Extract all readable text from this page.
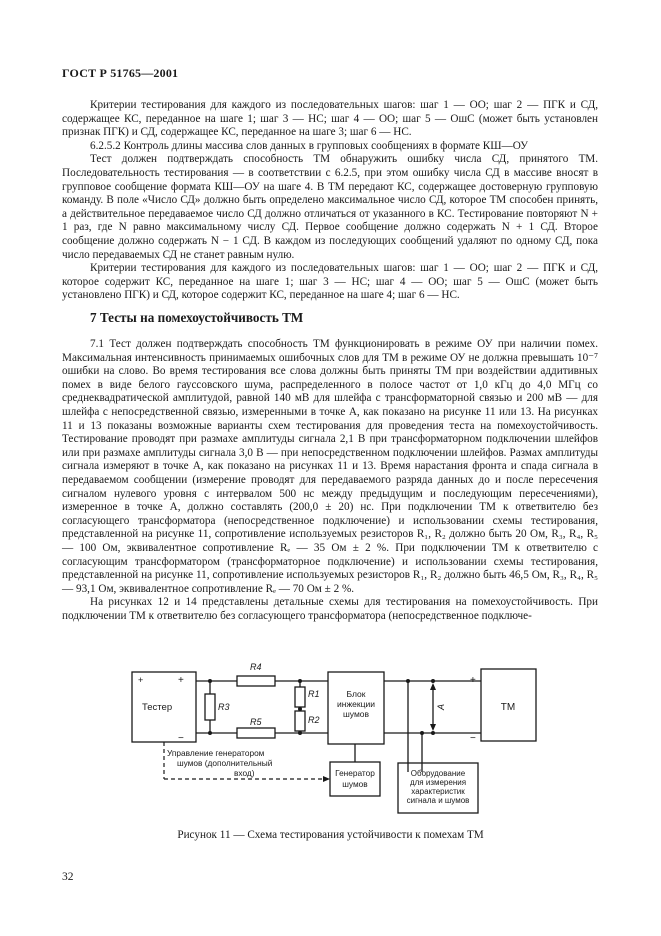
ГОСТ Р 51765—2001

Критерии тестирования для каждого из последовательных шагов: шаг 1 — ОО; шаг 2 — ПГК и СД, содержащее КС, переданное на шаге 1; шаг 3 — НС; шаг 4 — ОО; шаг 5 — ОшС (может быть установлен признак ПГК) и СД, содержащее КС, переданное на шаге 3; шаг 6 — НС.

6.2.5.2 Контроль длины массива слов данных в групповых сообщениях в формате КШ—ОУ

Тест должен подтверждать способность ТМ обнаружить ошибку числа СД, принятого ТМ. Последовательность тестирования — в соответствии с 6.2.5, при этом ошибку числа СД в массиве вносят в групповое сообщение формата КШ—ОУ на шаге 4. В ТМ передают КС, содержащее достоверную групповую команду. В поле «Число СД» должно быть определено максимальное число СД, которое ТМ способен принять, а действительное передаваемое число СД должно отличаться от указанного в КС. Тестирование повторяют N + 1 раз, где N равно максимальному числу СД. Первое сообщение должно содержать N + 1 СД. Второе сообщение должно содержать N − 1 СД. В каждом из последующих сообщений удаляют по одному СД, пока число передаваемых СД не станет равным нулю.

Критерии тестирования для каждого из последовательных шагов: шаг 1 — ОО; шаг 2 — ПГК и СД, которое содержит КС, переданное на шаге 1; шаг 3 — НС; шаг 4 — ОО; шаг 5 — ОшС (может быть установлено ПГК) и СД, которое содержит КС, переданное на шаге 4; шаг 6 — НС.

7 Тесты на помехоустойчивость ТМ

7.1 Тест должен подтверждать способность ТМ функционировать в режиме ОУ при наличии помех. Максимальная интенсивность принимаемых ошибочных слов для ТМ в режиме ОУ не должна превышать 10⁻⁷ ошибки на слово. Во время тестирования все слова должны быть приняты ТМ при воздействии аддитивных помех в виде белого гауссовского шума, распределенного в полосе частот от 1,0 кГц до 4,0 МГц со среднеквадратической амплитудой, равной 140 мВ для шлейфа с трансформаторной связью и 200 мВ — для шлейфа с непосредственной связью, измеренными в точке А, как показано на рисунке 11 или 13. На рисунках 11 и 13 показаны возможные варианты схем тестирования для проведения теста на помехоустойчивость. Тестирование проводят при размахе амплитуды сигнала 2,1 В при трансформаторном подключении шлейфов или при размахе амплитуды сигнала 3,0 В — при непосредственном подключении шлейфов. Размах амплитуды сигнала измеряют в точке А, как показано на рисунках 11 и 13. Время нарастания фронта и спада сигнала в передаваемом сообщении (измерение проводят для передаваемого разряда данных до и после пересечения сигналом нулевого уровня с интервалом 500 нс между предыдущим и последующим пересечениями), измеренное в точке А, должно составлять (200,0 ± 20) нс. При подключении ТМ к ответвителю без согласующего трансформатора (непосредственное подключение) и использовании схемы тестирования, представленной на рисунке 11, сопротивление используемых резисторов R₁, R₂ должно быть 20 Ом, R₃, R₄, R₅ — 100 Ом, эквивалентное сопротивление Rₑ — 35 Ом ± 2 %. При подключении ТМ к ответвителю с согласующим трансформатором (трансформаторное подключение) и использовании схемы тестирования, представленной на рисунке 11, сопротивление используемых резисторов R₁, R₂ должно быть 46,5 Ом, R₃, R₄, R₅ — 93,1 Ом, эквивалентное сопротивление Rₑ — 70 Ом ± 2 %.

На рисунках 12 и 14 представлены детальные схемы для тестирования на помехоустойчивость. При подключении ТМ к ответвителю без согласующего трансформатора (непосредственное подключе-

+	+
−
Тестер
R4
R3
R5
R1
R2
Блок
инжекции
шумов
+
−
А
Управление генератором
шумов (дополнительный
вход)	Генератор
шумов
Оборудование
для измерения
характеристик
сигнала и шумов
ТМ
Рисунок 11 — Схема тестирования устойчивости к помехам ТМ
32
